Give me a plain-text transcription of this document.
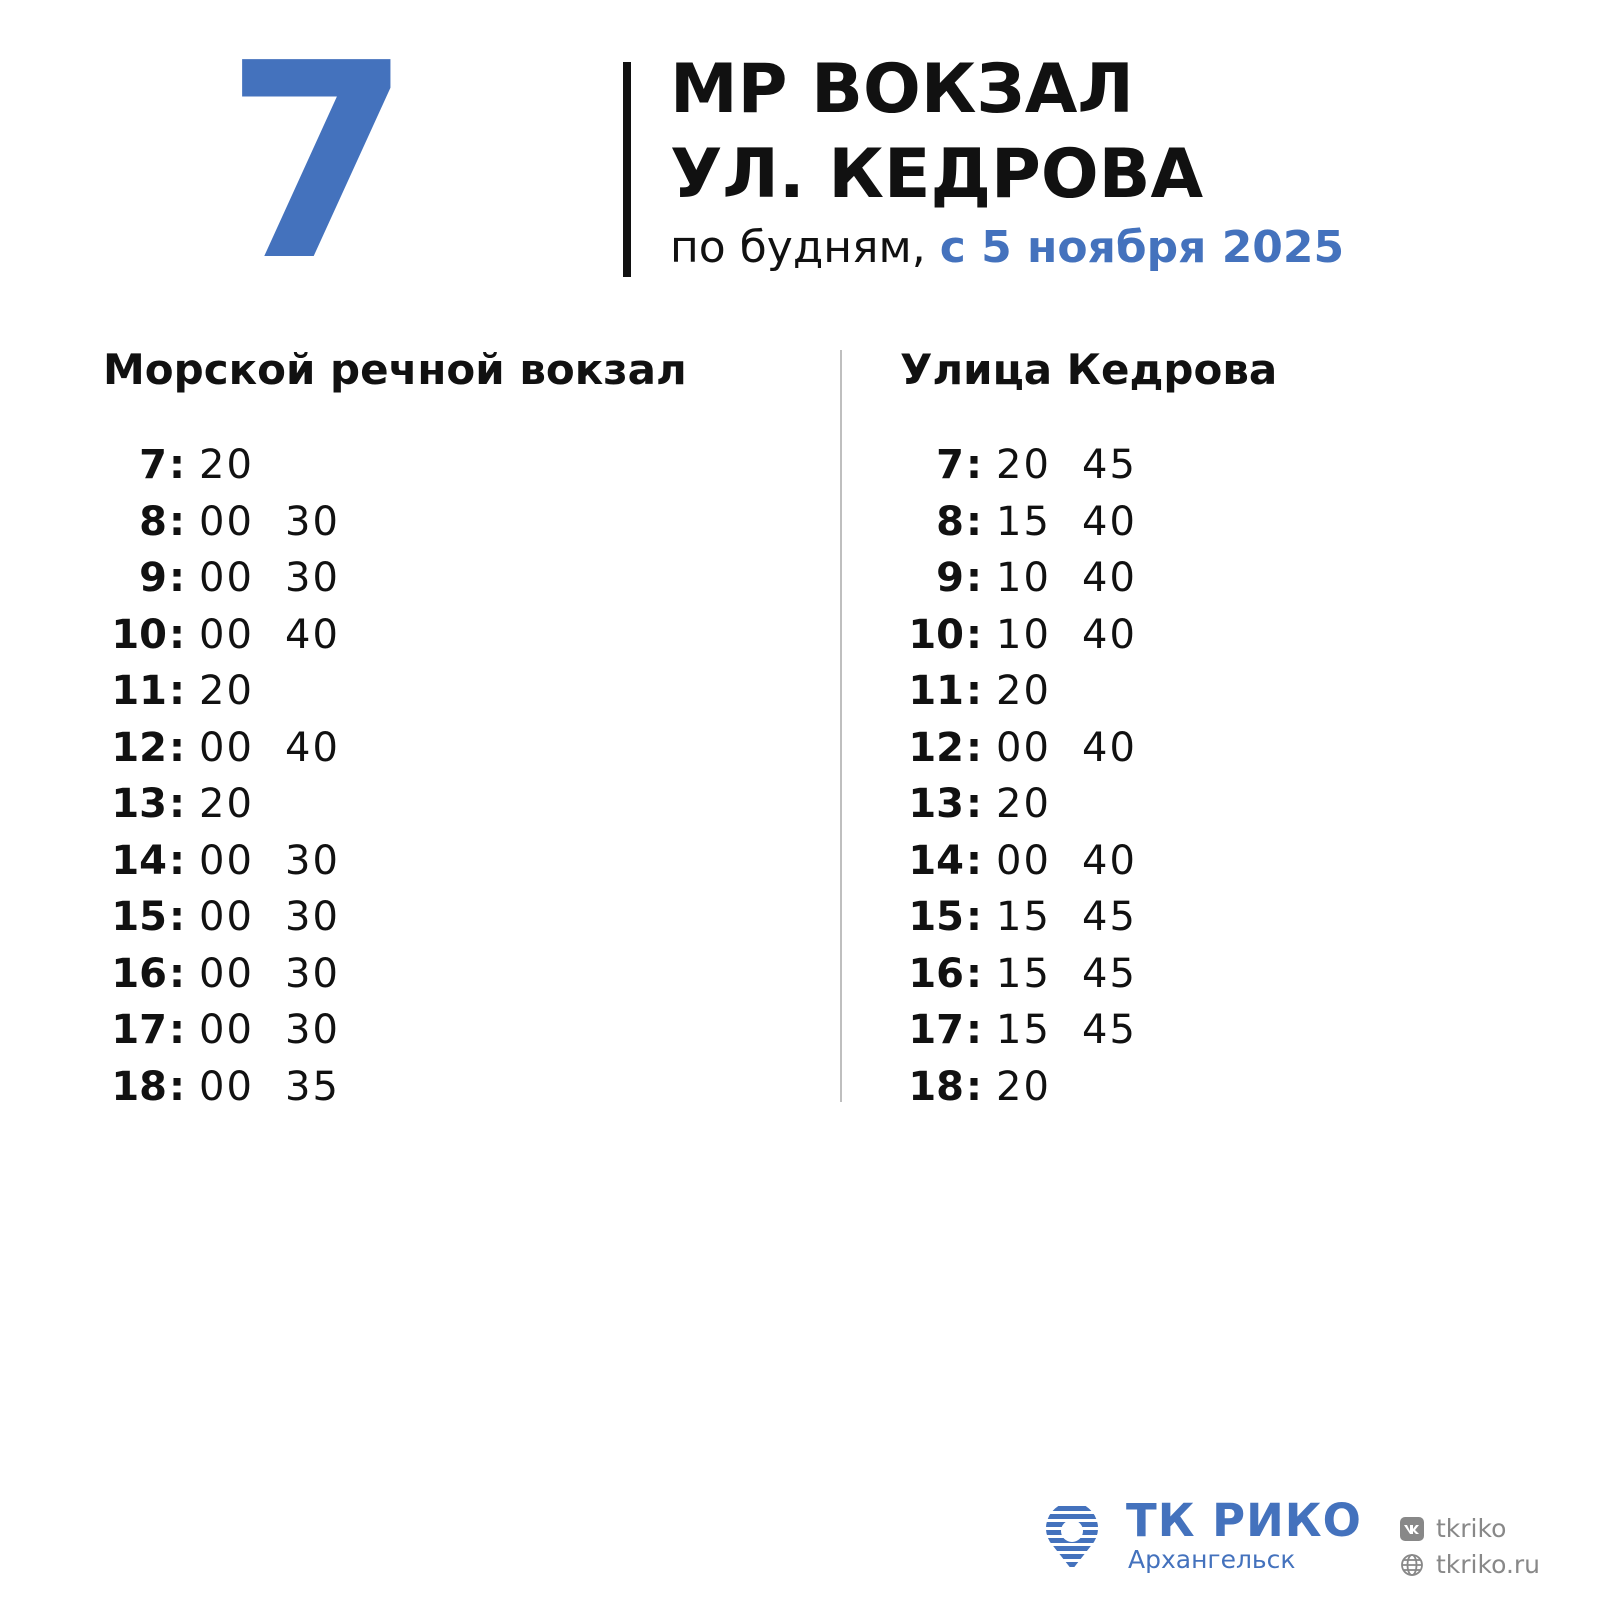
7	МР ВОКЗАЛ
УЛ. КЕДРОВА
по будням, с 5 ноября 2025
Морской речной вокзал	Улица Кедрова
7 : 20
8 : 00 30
9 : 00 30
10 : 00 40
11 : 20
12 : 00 40
13 : 20
14 : 00 30
15 : 00 30
16 : 00 30
17 : 00 30
18 : 00 35
7 : 20 45
8 : 15 40
9 : 10 40
10 : 10 40
11 : 20
12 : 00 40
13 : 20
14 : 00 40
15 : 15 45
16 : 15 45
17 : 15 45
18 : 20
ТК РИКО
Архангельск
tkriko
tkriko.ru
